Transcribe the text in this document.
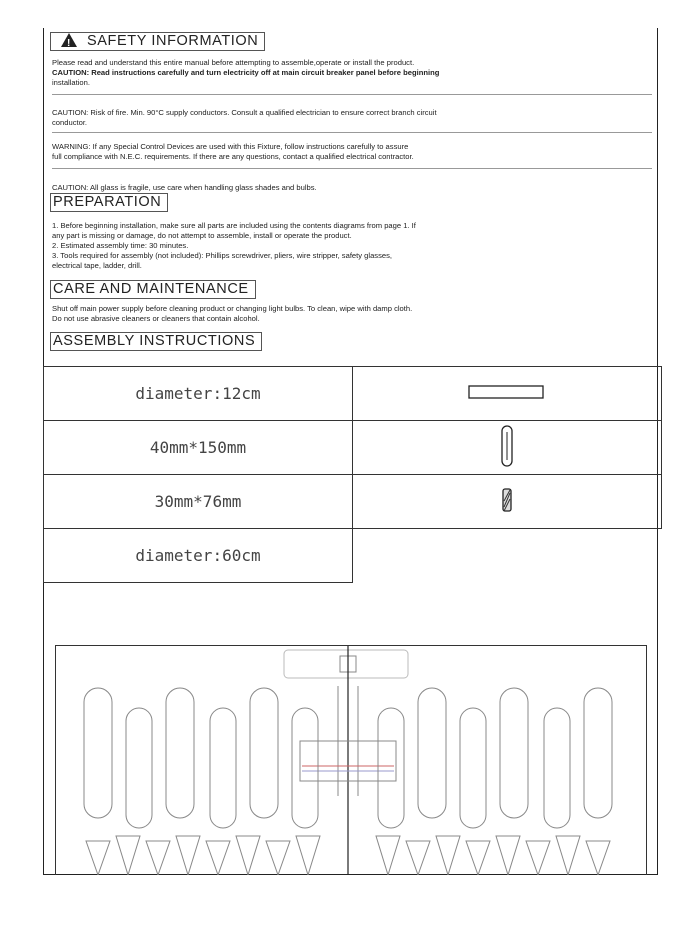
!SAFETY INFORMATION
Please read and understand this entire manual before attempting to assemble,operate or install the product.
CAUTION: Read instructions carefully and turn electricity off at main circuit breaker panel before beginning
installation.
CAUTION: Risk of fire. Min. 90°C supply conductors. Consult a qualified electrician to ensure correct branch circuit
conductor.
WARNING: If any Special Control Devices are used with this Fixture, follow instructions carefully to assure
full compliance with N.E.C. requirements. If there are any questions, contact a qualified electrical contractor.
CAUTION: All glass is fragile, use care when handling glass shades and bulbs.
PREPARATION
1. Before beginning installation, make sure all parts are included using the contents diagrams from page 1. If
any part is missing or damage, do not attempt to assemble, install or operate the product.
2. Estimated assembly time: 30 minutes.
3. Tools required for assembly (not included): Phillips screwdriver, pliers, wire stripper, safety glasses,
electrical tape, ladder, drill.
CARE AND MAINTENANCE
Shut off main power supply before cleaning product or changing light bulbs. To clean, wipe with damp cloth.
Do not use abrasive cleaners or cleaners that contain alcohol.
ASSEMBLY INSTRUCTIONS
diameter:12cm	
40mm*150mm	
30mm*76mm	
diameter:60cm	
